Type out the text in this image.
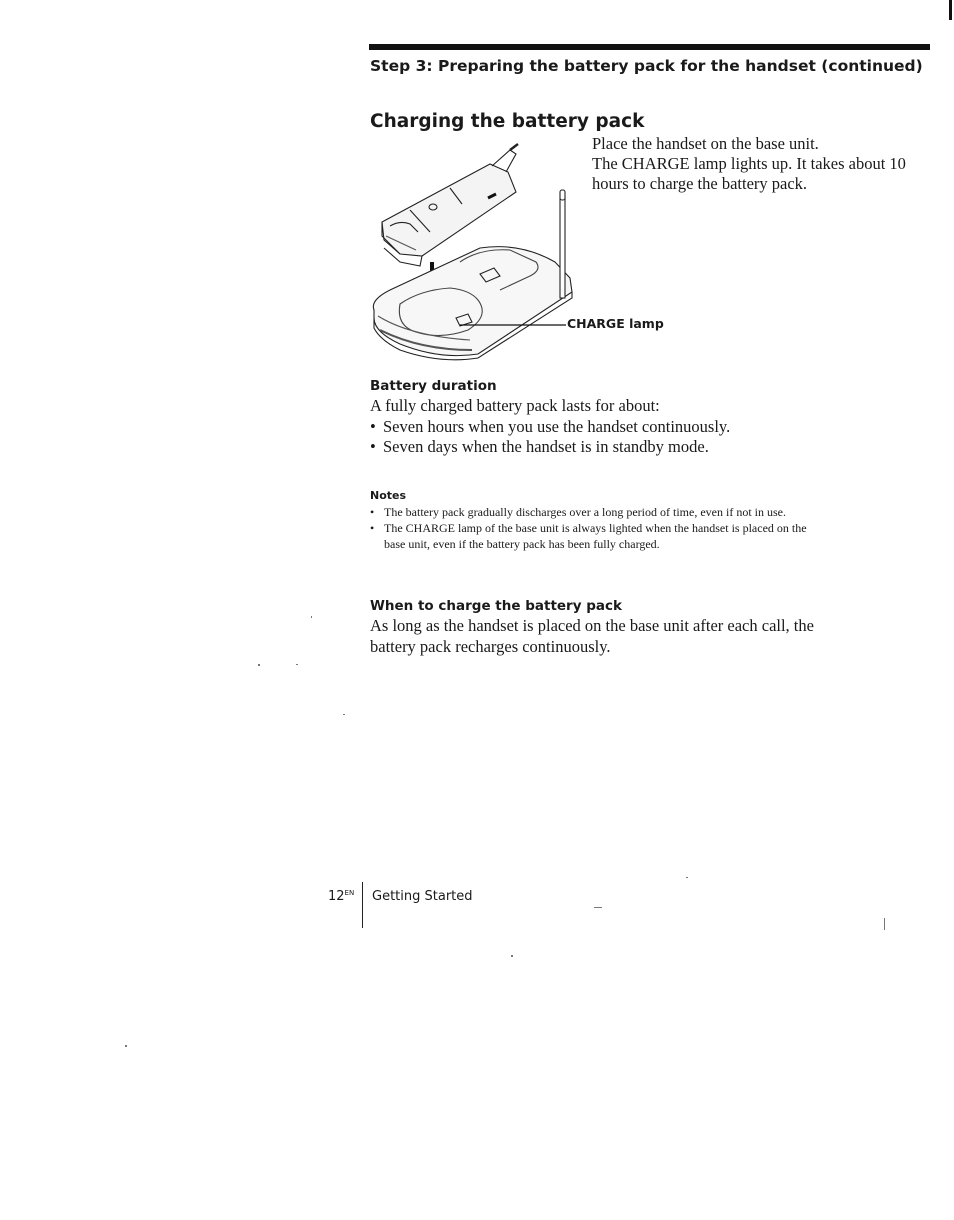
Step 3: Preparing the battery pack for the handset (continued)
Charging the battery pack

Place the handset on the base unit.

The CHARGE lamp lights up. It takes about 10 hours to charge the battery pack.

CHARGE lamp
Battery duration

A fully charged battery pack lasts for about:

• Seven hours when you use the handset continuously.
• Seven days when the handset is in standby mode.
Notes
• The battery pack gradually discharges over a long period of time, even if not in use.
• The CHARGE lamp of the base unit is always lighted when the handset is placed on the base unit, even if the battery pack has been fully charged.
When to charge the battery pack
As long as the handset is placed on the base unit after each call, the battery pack recharges continuously.
$12^{EN}$ Getting Started
